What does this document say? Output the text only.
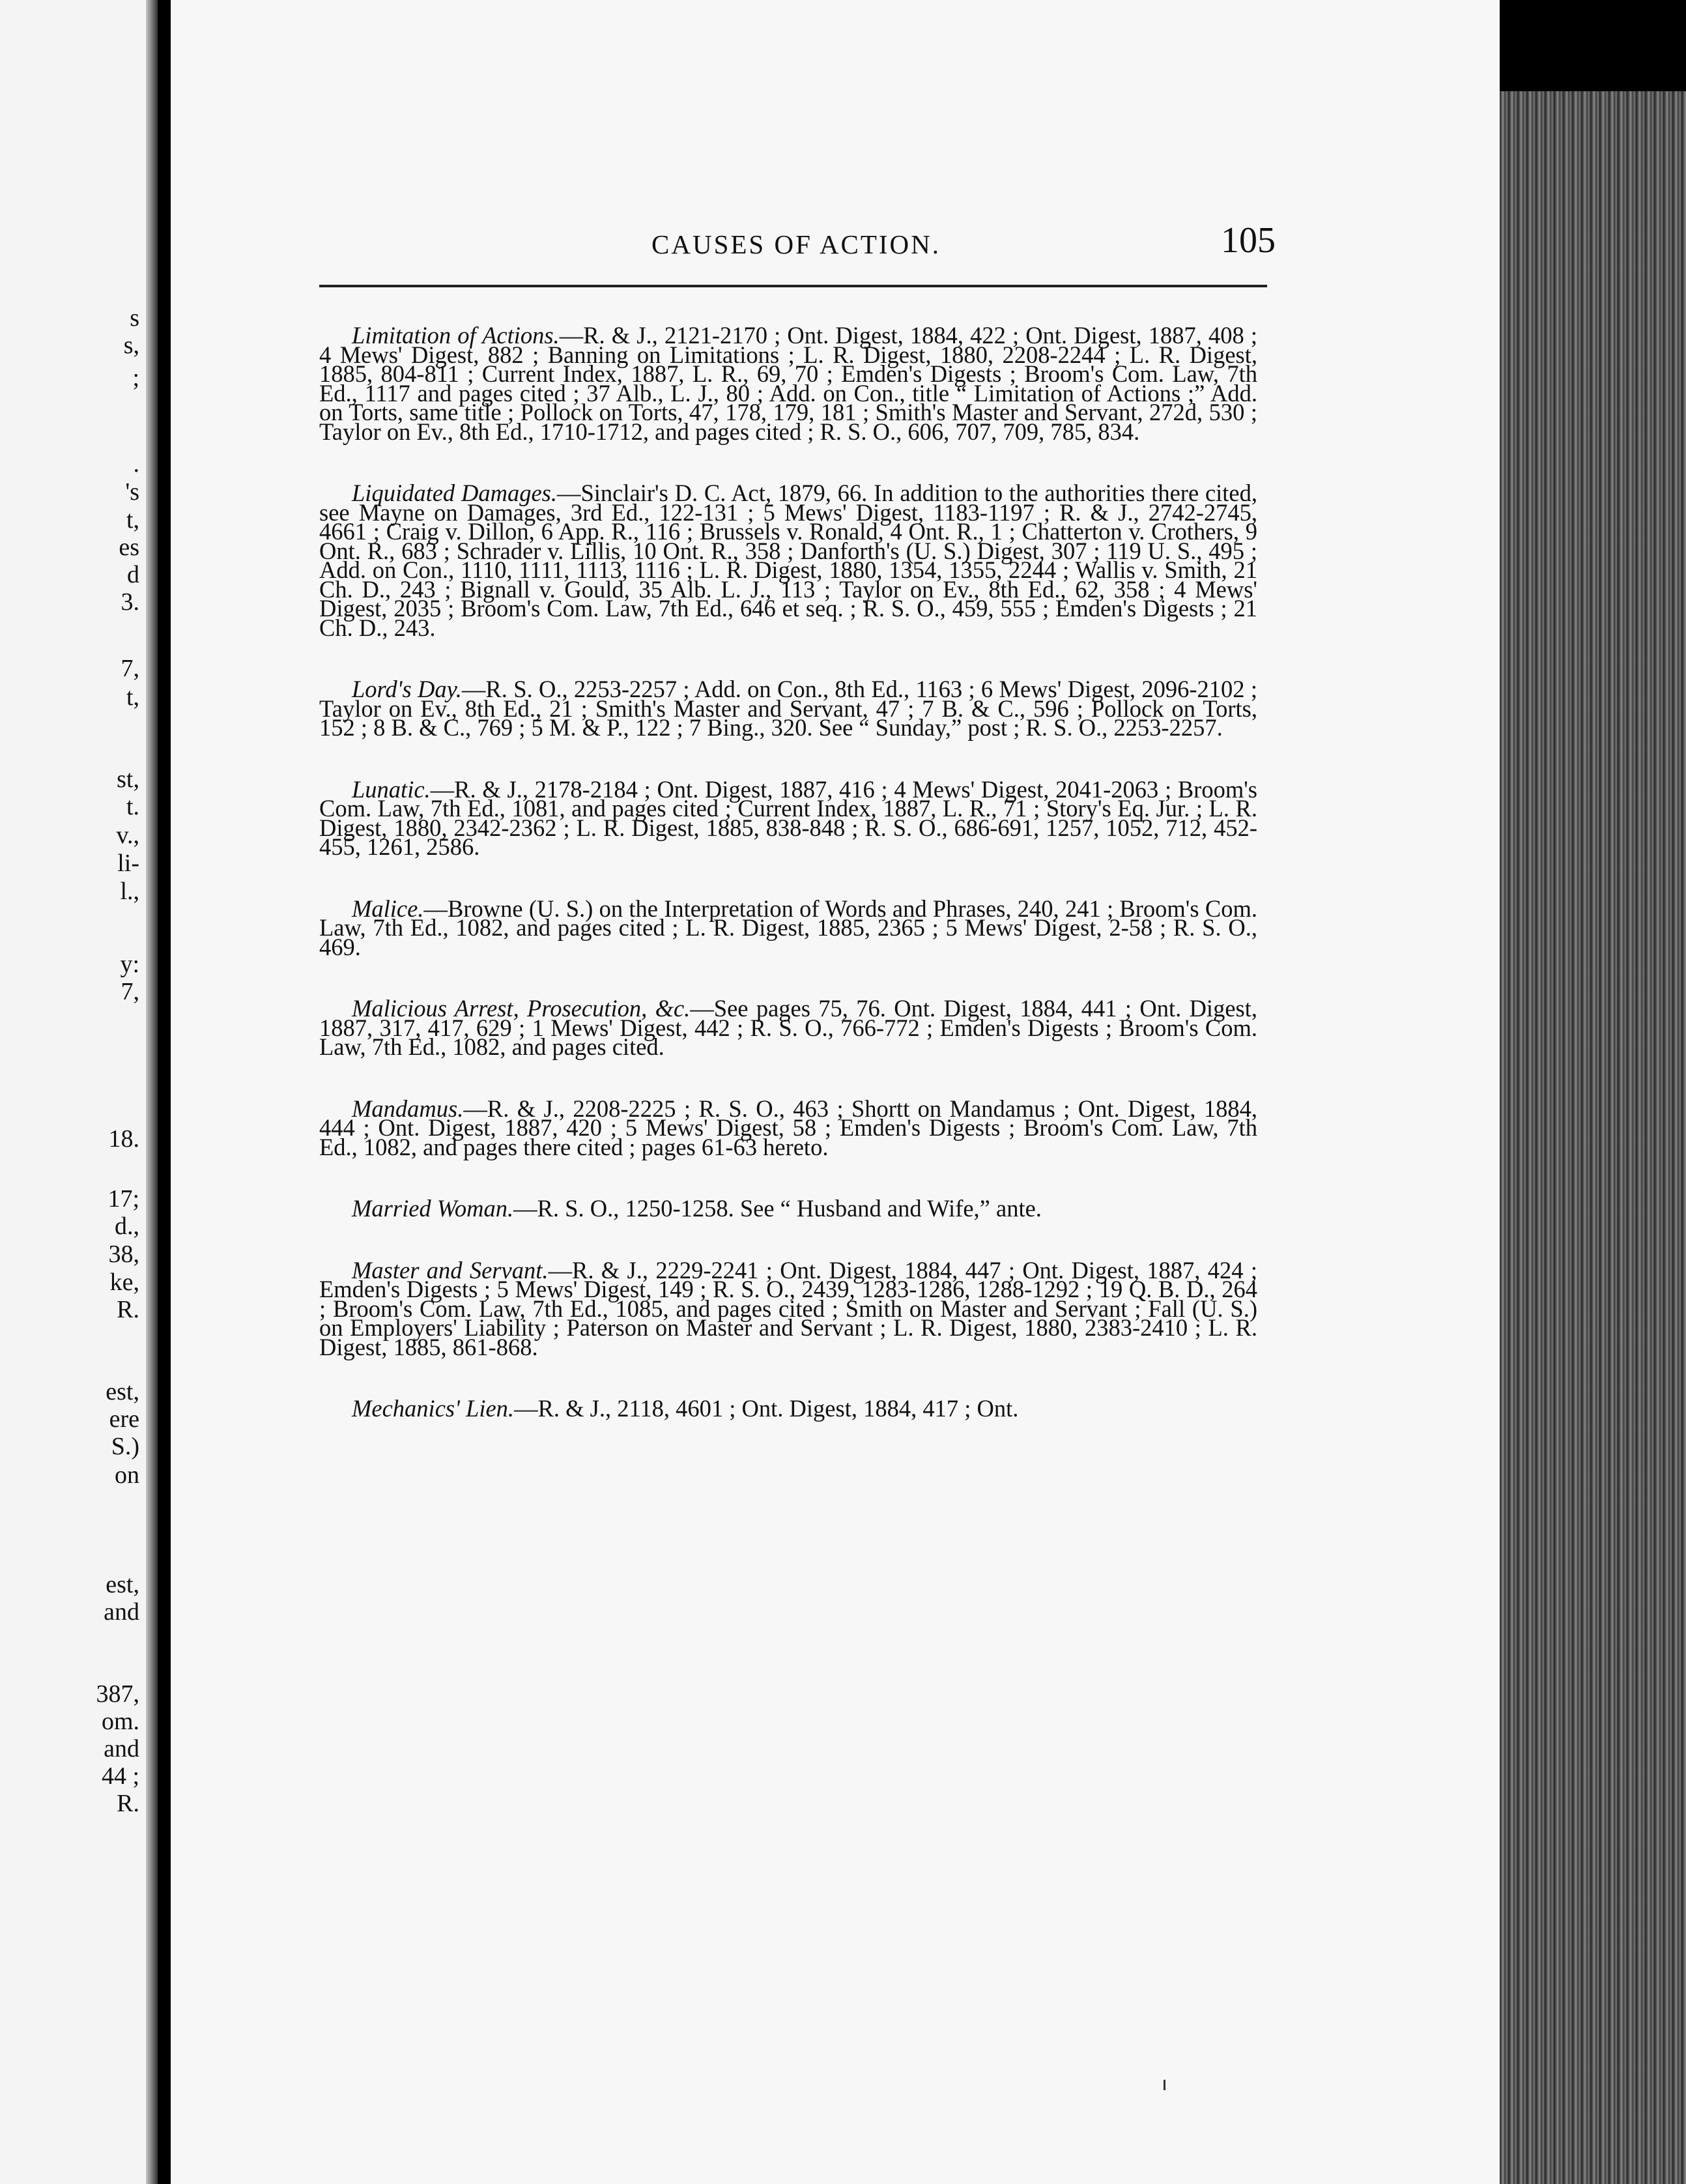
s
s,
;
.
's
t,
es
d
3.
7,
t,
st,
t.
v.,
li-
l.,
y:
7,
18.
17;
d.,
38,
ke,
R.
est,
ere
S.)
on
est,
and
387,
om.
and
44 ;
R.
CAUSES OF ACTION.	105

Limitation of Actions.—R. & J., 2121-2170 ; Ont. Digest, 1884, 422 ; Ont. Digest, 1887, 408 ; 4 Mews' Digest, 882 ; Banning on Limitations ; L. R. Digest, 1880, 2208-2244 ; L. R. Digest, 1885, 804-811 ; Current Index, 1887, L. R., 69, 70 ; Emden's Digests ; Broom's Com. Law, 7th Ed., 1117 and pages cited ; 37 Alb., L. J., 80 ; Add. on Con., title “ Limitation of Actions ;” Add. on Torts, same title ; Pollock on Torts, 47, 178, 179, 181 ; Smith's Master and Servant, 272d, 530 ; Taylor on Ev., 8th Ed., 1710-1712, and pages cited ; R. S. O., 606, 707, 709, 785, 834.

Liquidated Damages.—Sinclair's D. C. Act, 1879, 66. In addition to the authorities there cited, see Mayne on Damages, 3rd Ed., 122-131 ; 5 Mews' Digest, 1183-1197 ; R. & J., 2742-2745, 4661 ; Craig v. Dillon, 6 App. R., 116 ; Brussels v. Ronald, 4 Ont. R., 1 ; Chatterton v. Crothers, 9 Ont. R., 683 ; Schrader v. Lillis, 10 Ont. R., 358 ; Danforth's (U. S.) Digest, 307 ; 119 U. S., 495 ; Add. on Con., 1110, 1111, 1113, 1116 ; L. R. Digest, 1880, 1354, 1355, 2244 ; Wallis v. Smith, 21 Ch. D., 243 ; Bignall v. Gould, 35 Alb. L. J., 113 ; Taylor on Ev., 8th Ed., 62, 358 ; 4 Mews' Digest, 2035 ; Broom's Com. Law, 7th Ed., 646 et seq. ; R. S. O., 459, 555 ; Emden's Digests ; 21 Ch. D., 243.

Lord's Day.—R. S. O., 2253-2257 ; Add. on Con., 8th Ed., 1163 ; 6 Mews' Digest, 2096-2102 ; Taylor on Ev., 8th Ed., 21 ; Smith's Master and Servant, 47 ; 7 B. & C., 596 ; Pollock on Torts, 152 ; 8 B. & C., 769 ; 5 M. & P., 122 ; 7 Bing., 320. See “ Sunday,” post ; R. S. O., 2253-2257.

Lunatic.—R. & J., 2178-2184 ; Ont. Digest, 1887, 416 ; 4 Mews' Digest, 2041-2063 ; Broom's Com. Law, 7th Ed., 1081, and pages cited ; Current Index, 1887, L. R., 71 ; Story's Eq. Jur. ; L. R. Digest, 1880, 2342-2362 ; L. R. Digest, 1885, 838-848 ; R. S. O., 686-691, 1257, 1052, 712, 452-455, 1261, 2586.

Malice.—Browne (U. S.) on the Interpretation of Words and Phrases, 240, 241 ; Broom's Com. Law, 7th Ed., 1082, and pages cited ; L. R. Digest, 1885, 2365 ; 5 Mews' Digest, 2-58 ; R. S. O., 469.

Malicious Arrest, Prosecution, &c.—See pages 75, 76. Ont. Digest, 1884, 441 ; Ont. Digest, 1887, 317, 417, 629 ; 1 Mews' Digest, 442 ; R. S. O., 766-772 ; Emden's Digests ; Broom's Com. Law, 7th Ed., 1082, and pages cited.

Mandamus.—R. & J., 2208-2225 ; R. S. O., 463 ; Shortt on Mandamus ; Ont. Digest, 1884, 444 ; Ont. Digest, 1887, 420 ; 5 Mews' Digest, 58 ; Emden's Digests ; Broom's Com. Law, 7th Ed., 1082, and pages there cited ; pages 61-63 hereto.

Married Woman.—R. S. O., 1250-1258. See “ Husband and Wife,” ante.

Master and Servant.—R. & J., 2229-2241 ; Ont. Digest, 1884, 447 ; Ont. Digest, 1887, 424 ; Emden's Digests ; 5 Mews' Digest, 149 ; R. S. O., 2439, 1283-1286, 1288-1292 ; 19 Q. B. D., 264 ; Broom's Com. Law, 7th Ed., 1085, and pages cited ; Smith on Master and Servant ; Fall (U. S.) on Employers' Liability ; Paterson on Master and Servant ; L. R. Digest, 1880, 2383-2410 ; L. R. Digest, 1885, 861-868.

Mechanics' Lien.—R. & J., 2118, 4601 ; Ont. Digest, 1884, 417 ; Ont.
